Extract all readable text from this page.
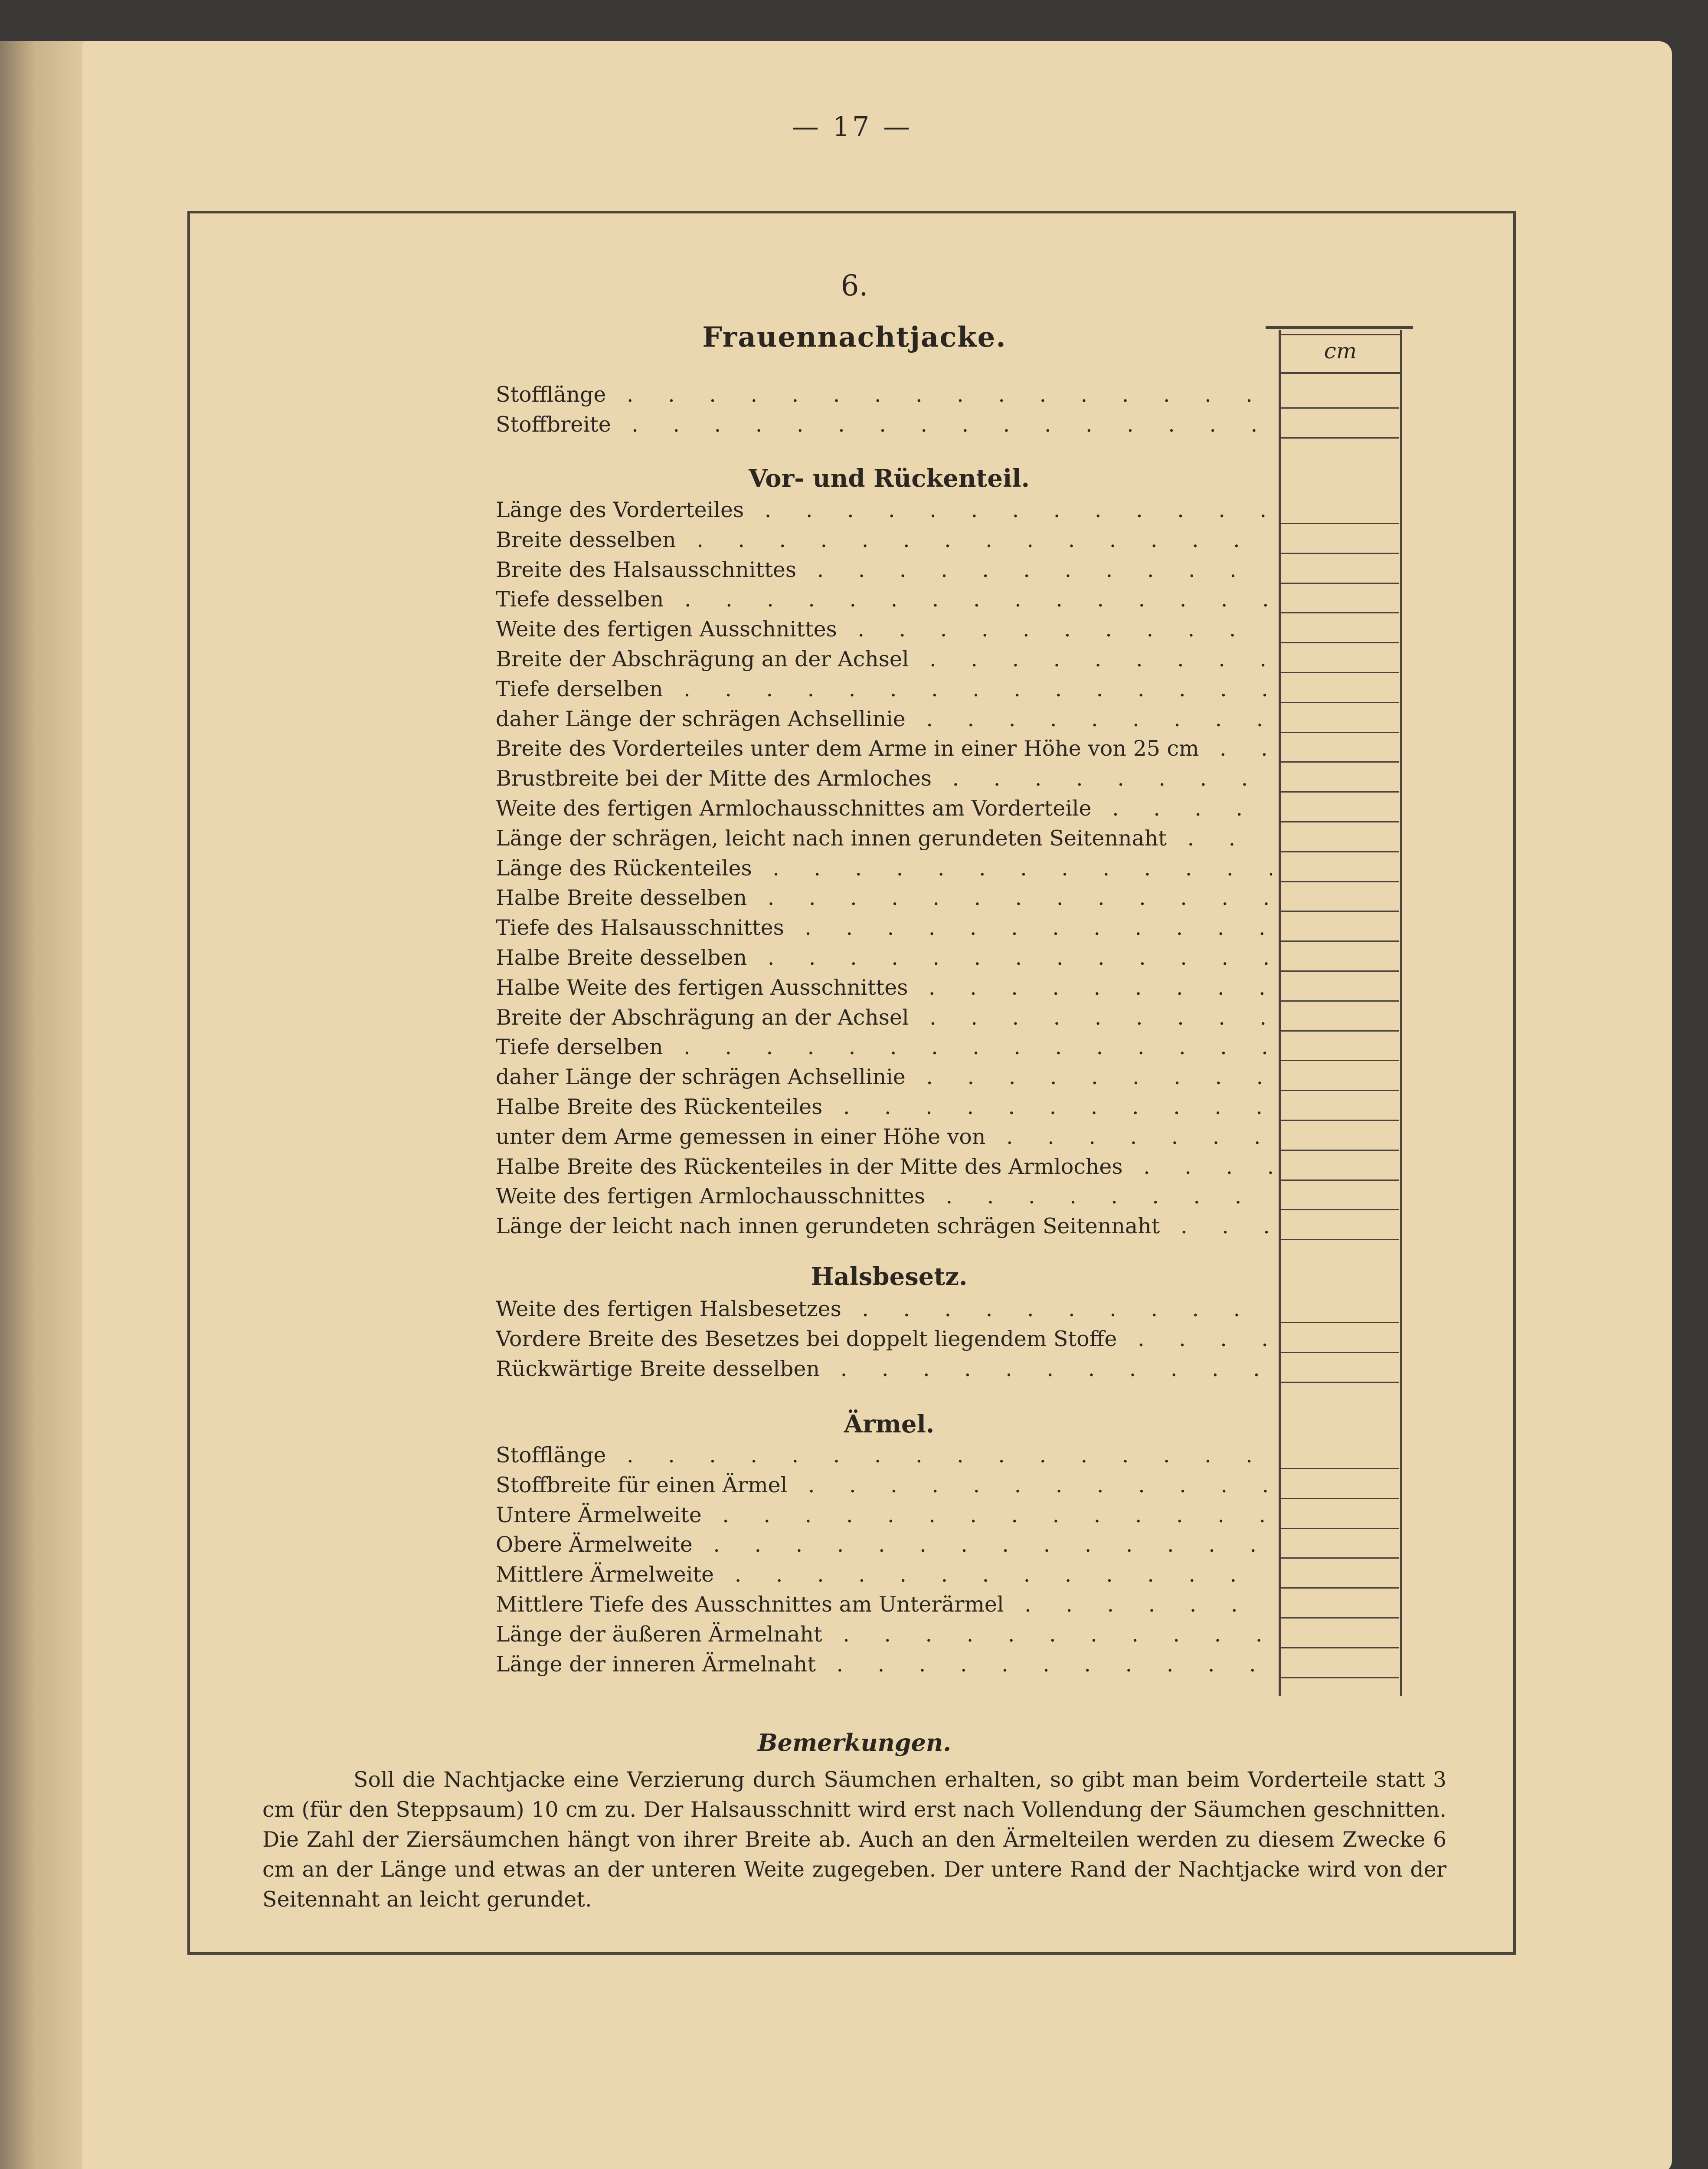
— 17 —
6.
Frauennachtjacke.	cm
Stofflänge . . .
Stoffbreite . . .
Vor- und Rückenteil.
Länge des Vorderteiles . . .
Breite desselben . . .
Breite des Halsausschnittes . . .
Tiefe desselben . . .
Weite des fertigen Ausschnittes . . .
Breite der Abschrägung an der Achsel . . .
Tiefe derselben . . .
daher Länge der schrägen Achsellinie . . .
Breite des Vorderteiles unter dem Arme in einer Höhe von 25 cm . . .
Brustbreite bei der Mitte des Armloches . . .
Weite des fertigen Armlochausschnittes am Vorderteile . . .
Länge der schrägen, leicht nach innen gerundeten Seitennaht . . .
Länge des Rückenteiles . . .
Halbe Breite desselben . . .
Tiefe des Halsausschnittes . . .
Halbe Breite desselben . . .
Halbe Weite des fertigen Ausschnittes . . .
Breite der Abschrägung an der Achsel . . .
Tiefe derselben . . .
daher Länge der schrägen Achsellinie . . .
Halbe Breite des Rückenteiles . . .
unter dem Arme gemessen in einer Höhe von . . .
Halbe Breite des Rückenteiles in der Mitte des Armloches . . .
Weite des fertigen Armlochausschnittes . . .
Länge der leicht nach innen gerundeten schrägen Seitennaht . . .
Halsbesetz.
Weite des fertigen Halsbesetzes . . .
Vordere Breite des Besetzes bei doppelt liegendem Stoffe . . .
Rückwärtige Breite desselben . . .
Ärmel.
Stofflänge . . .
Stoffbreite für einen Ärmel . . .
Untere Ärmelweite . . .
Obere Ärmelweite . . .
Mittlere Ärmelweite . . .
Mittlere Tiefe des Ausschnittes am Unterärmel . . .
Länge der äußeren Ärmelnaht . . .
Länge der inneren Ärmelnaht . . .
Bemerkungen.
Soll die Nachtjacke eine Verzierung durch Säumchen erhalten, so gibt man beim Vorderteile statt 3 cm (für den Steppsaum) 10 cm zu. Der Halsausschnitt wird erst nach Vollendung der Säumchen geschnitten. Die Zahl der Ziersäumchen hängt von ihrer Breite ab. Auch an den Ärmelteilen werden zu diesem Zwecke 6 cm an der Länge und etwas an der unteren Weite zugegeben. Der untere Rand der Nachtjacke wird von der Seitennaht an leicht gerundet.
